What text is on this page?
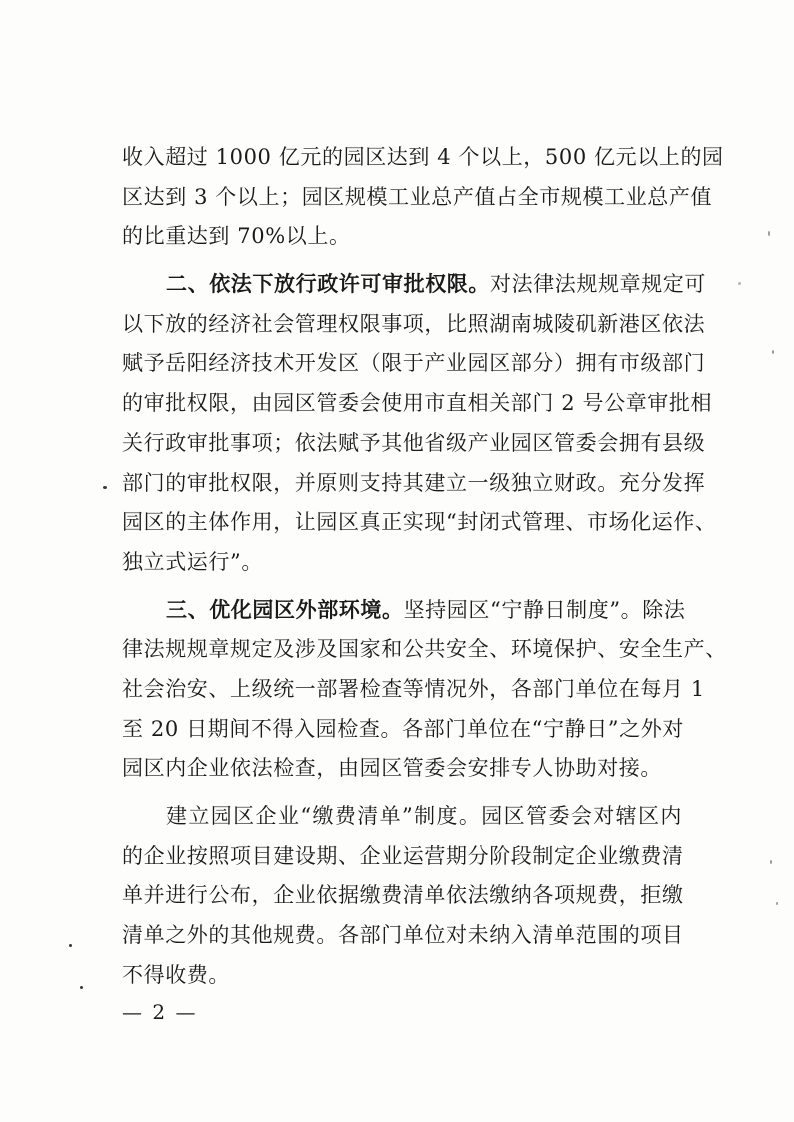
收入超过 1000 亿元的园区达到 4 个以上，500 亿元以上的园
区达到 3 个以上；园区规模工业总产值占全市规模工业总产值
的比重达到 70%以上。
二、依法下放行政许可审批权限。对法律法规规章规定可
以下放的经济社会管理权限事项，比照湖南城陵矶新港区依法
赋予岳阳经济技术开发区（限于产业园区部分）拥有市级部门
的审批权限，由园区管委会使用市直相关部门 2 号公章审批相
关行政审批事项；依法赋予其他省级产业园区管委会拥有县级
部门的审批权限，并原则支持其建立一级独立财政。充分发挥
园区的主体作用，让园区真正实现“封闭式管理、市场化运作、
独立式运行”。
三、优化园区外部环境。坚持园区“宁静日制度”。除法
律法规规章规定及涉及国家和公共安全、环境保护、安全生产、
社会治安、上级统一部署检查等情况外，各部门单位在每月 1
至 20 日期间不得入园检查。各部门单位在“宁静日”之外对
园区内企业依法检查，由园区管委会安排专人协助对接。
建立园区企业“缴费清单”制度。园区管委会对辖区内
的企业按照项目建设期、企业运营期分阶段制定企业缴费清
单并进行公布，企业依据缴费清单依法缴纳各项规费，拒缴
清单之外的其他规费。各部门单位对未纳入清单范围的项目
不得收费。
— 2 —
